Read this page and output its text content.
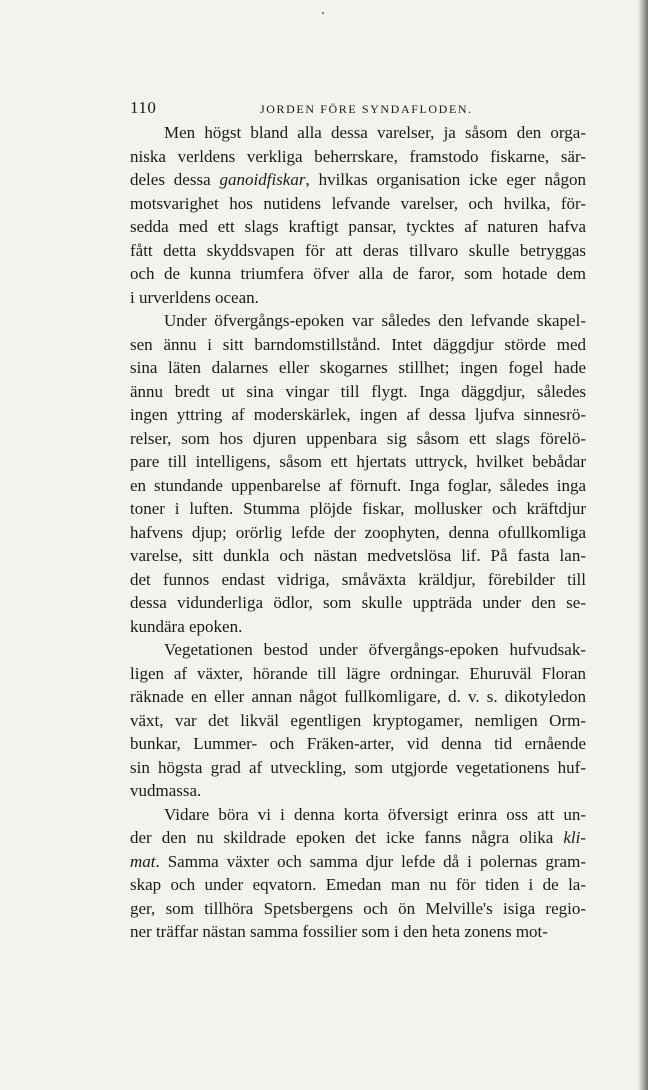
110	JORDEN FÖRE SYNDAFLODEN.
Men högst bland alla dessa varelser, ja såsom den orga-
niska verldens verkliga beherrskare, framstodo fiskarne, sär-
deles dessa ganoidfiskar, hvilkas organisation icke eger någon
motsvarighet hos nutidens lefvande varelser, och hvilka, för-
sedda med ett slags kraftigt pansar, tycktes af naturen hafva
fått detta skyddsvapen för att deras tillvaro skulle betryggas
och de kunna triumfera öfver alla de faror, som hotade dem
i urverldens ocean.
Under öfvergångs-epoken var således den lefvande skapel-
sen ännu i sitt barndomstillstånd. Intet däggdjur störde med
sina läten dalarnes eller skogarnes stillhet; ingen fogel hade
ännu bredt ut sina vingar till flygt. Inga däggdjur, således
ingen yttring af moderskärlek, ingen af dessa ljufva sinnesrö-
relser, som hos djuren uppenbara sig såsom ett slags förelö-
pare till intelligens, såsom ett hjertats uttryck, hvilket bebådar
en stundande uppenbarelse af förnuft. Inga foglar, således inga
toner i luften. Stumma plöjde fiskar, mollusker och kräftdjur
hafvens djup; orörlig lefde der zoophyten, denna ofullkomliga
varelse, sitt dunkla och nästan medvetslösa lif. På fasta lan-
det funnos endast vidriga, småväxta kräldjur, förebilder till
dessa vidunderliga ödlor, som skulle uppträda under den se-
kundära epoken.
Vegetationen bestod under öfvergångs-epoken hufvudsak-
ligen af växter, hörande till lägre ordningar. Ehuruväl Floran
räknade en eller annan något fullkomligare, d. v. s. dikotyledon
växt, var det likväl egentligen kryptogamer, nemligen Orm-
bunkar, Lummer- och Fräken-arter, vid denna tid ernående
sin högsta grad af utveckling, som utgjorde vegetationens huf-
vudmassa.
Vidare böra vi i denna korta öfversigt erinra oss att un-
der den nu skildrade epoken det icke fanns några olika kli-
mat. Samma växter och samma djur lefde då i polernas gram-
skap och under eqvatorn. Emedan man nu för tiden i de la-
ger, som tillhöra Spetsbergens och ön Melville's isiga regio-
ner träffar nästan samma fossilier som i den heta zonens mot-
